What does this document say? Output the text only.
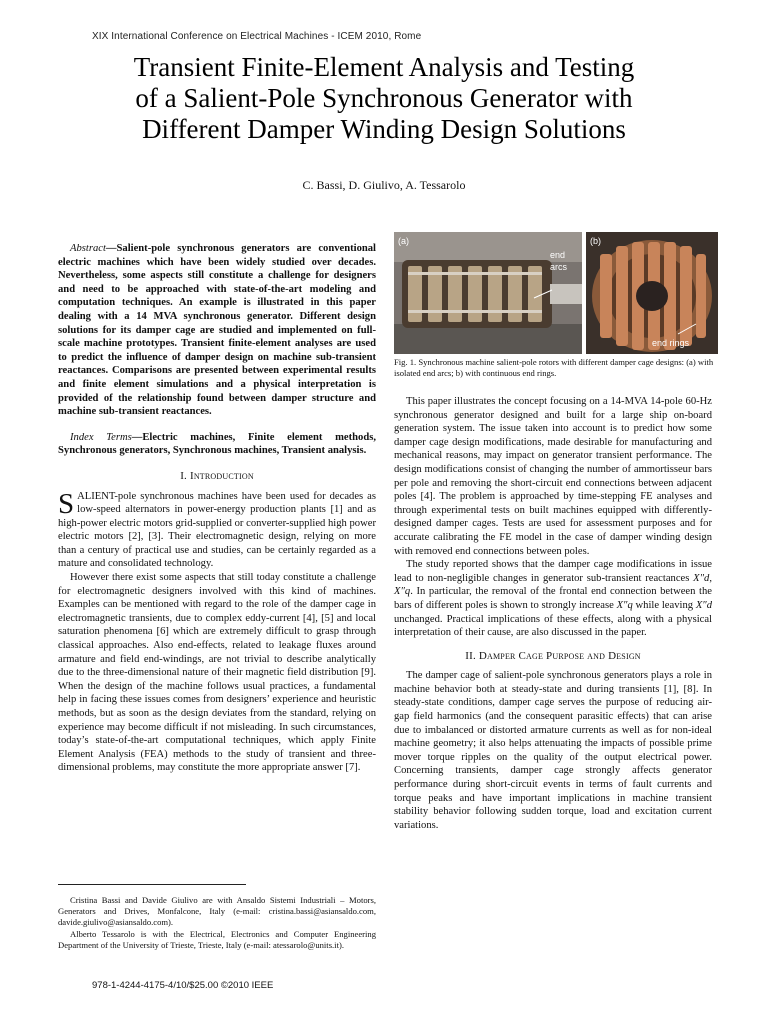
XIX International Conference on Electrical Machines - ICEM 2010, Rome
Transient Finite-Element Analysis and Testing
of a Salient-Pole Synchronous Generator with
Different Damper Winding Design Solutions
C. Bassi, D. Giulivo, A. Tessarolo

Abstract—Salient-pole synchronous generators are conventional electric machines which have been widely studied over decades. Nevertheless, some aspects still constitute a challenge for designers and need to be approached with state-of-the-art modeling and computation techniques. An example is illustrated in this paper dealing with a 14 MVA synchronous generator. Different design solutions for its damper cage are studied and implemented on full-scale machine prototypes. Transient finite-element analyses are used to predict the influence of damper design on machine sub-transient reactances. Comparisons are presented between experimental results and finite element simulations and a physical interpretation is provided of the relationship found between damper structure and machine sub-transient reactances.

Index Terms—Electric machines, Finite element methods, Synchronous generators, Synchronous machines, Transient analysis.

I. Introduction

SALIENT-pole synchronous machines have been used for decades as low-speed alternators in power-energy production plants [1] and as high-power electric motors grid-supplied or converter-supplied high power electric motors [2], [3]. Their electromagnetic design, relying on more than a century of practical use and studies, can be certainly regarded as a mature and consolidated technology.

However there exist some aspects that still today constitute a challenge for electromagnetic designers involved with this kind of machines. Examples can be mentioned with regard to the role of the damper cage in electromagnetic transients, due to complex eddy-current [4], [5] and local saturation phenomena [6] which are extremely difficult to grasp through classical approaches. Also end-effects, related to leakage fluxes around armature and field end-windings, are not trivial to describe analytically due to the three-dimensional nature of their magnetic field distribution [9]. When the design of the machine follows usual practices, a fundamental help in facing these issues comes from designers’ experience and heuristic methods, but as soon as the design deviates from the standard, relying on experience may become difficult if not misleading. In such circumstances, today’s state-of-the-art computational techniques, which apply Finite Element Analysis (FEA) methods to the study of transient and three-dimensional problems, may constitute the more appropriate answer [7].

Cristina Bassi and Davide Giulivo are with Ansaldo Sistemi Industriali – Motors, Generators and Drives, Monfalcone, Italy (e-mail: cristina.bassi@asiansaldo.com, davide.giulivo@asiansaldo.com).

Alberto Tessarolo is with the Electrical, Electronics and Computer Engineering Department of the University of Trieste, Trieste, Italy (e-mail: atessarolo@units.it).

978-1-4244-4175-4/10/$25.00 ©2010 IEEE
(a)
end
arcs
(b)
end rings
Fig. 1. Synchronous machine salient-pole rotors with different damper cage designs: (a) with isolated end arcs; b) with continuous end rings.

This paper illustrates the concept focusing on a 14-MVA 14-pole 60-Hz synchronous generator designed and built for a large ship on-board generation system. The issue taken into account is to predict how some damper cage design modifications, made desirable for manufacturing and mechanical reasons, may impact on generator transient performance. The design modifications consist of changing the number of ammortisseur bars per pole and removing the short-circuit end connections between adjacent poles [4]. The problem is approached by time-stepping FE analyses and through experimental tests on built machines equipped with differently-designed damper cages. Tests are used for assessment purposes and for accurate calibrating the FE model in the case of damper winding design with removed end connections between poles.

The study reported shows that the damper cage modifications in issue lead to non-negligible changes in generator sub-transient reactances X″d, X″q. In particular, the removal of the frontal end connection between the bars of different poles is shown to strongly increase X″q while leaving X″d unchanged. Practical implications of these effects, along with a physical interpretation of their cause, are also discussed in the paper.

II. Damper Cage Purpose and Design

The damper cage of salient-pole synchronous generators plays a role in machine behavior both at steady-state and during transients [1], [8]. In steady-state conditions, damper cage serves the purpose of reducing air-gap field harmonics (and the consequent parasitic effects) that can arise due to imbalanced or distorted armature currents as well as for non-ideal machine geometry; it also helps attenuating the impacts of possible prime mover torque ripples on the quality of the output electrical power. Concerning transients, damper cage strongly affects generator performance during short-circuit events in terms of fault currents and torque peaks and have important implications in machine transient stability behavior following sudden torque, load and excitation current variations.
